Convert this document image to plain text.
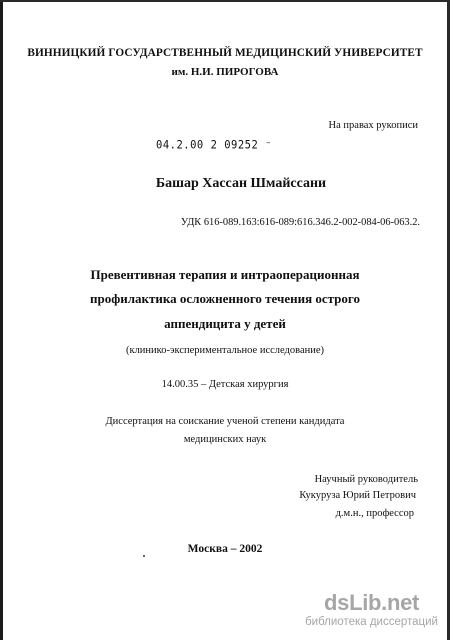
ВИННИЦКИЙ ГОСУДАРСТВЕННЫЙ МЕДИЦИНСКИЙ УНИВЕРСИТЕТ
им. Н.И. ПИРОГОВА
На правах рукописи
04.2.00 2 09252 ⁻
Башар Хассан Шмайссани
УДК 616-089.163:616-089:616.346.2-002-084-06-063.2.
Превентивная терапия и интраоперационная
профилактика осложненного течения острого
аппендицита у детей
(клинико-экспериментальное исследование)
14.00.35 – Детская хирургия
Диссертация на соискание ученой степени кандидата
медицинских наук
Научный руководитель
Кукуруза Юрий Петрович
д.м.н., профессор
Москва – 2002
dsLib.net
библиотека диссертаций
